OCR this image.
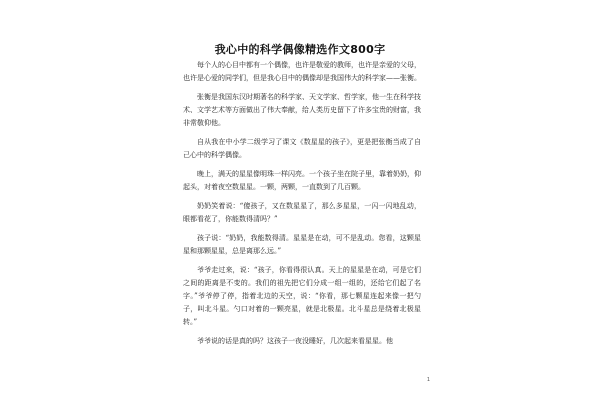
我心中的科学偶像精选作文800字

每个人的心目中都有一个偶像，也许是敬爱的教师，也许是亲爱的父母，也许是心爱的同学们，但是我心目中的偶像却是我国伟大的科学家——张衡。

张衡是我国东汉时期著名的科学家、天文学家、哲学家，他一生在科学技术、文学艺术等方面做出了伟大奉献，给人类历史留下了许多宝贵的财富，我非常敬仰他。

自从我在中小学二级学习了课文《数星星的孩子》，更是把张衡当成了自己心中的科学偶像。

晚上，满天的星星像明珠一样闪亮。一个孩子坐在院子里，靠着奶奶，仰起头，对着夜空数星星。一颗，两颗，一直数到了几百颗。

奶奶笑着说：“傻孩子，又在数星星了，那么多星星，一闪一闪地乱动，眼都看花了，你能数得清吗？”

孩子说：“奶奶，我能数得清。星星是在动，可不是乱动。您看，这颗星星和那颗星星，总是离那么远。”

爷爷走过来，说：“孩子，你看得很认真。天上的星星是在动，可是它们之间的距离是不变的。我们的祖先把它们分成一组一组的，还给它们起了名字。”爷爷停了停，指着北边的天空，说：“你看，那七颗星连起来像一把勺子，叫北斗星。勺口对着的一颗亮星，就是北极星。北斗星总是绕着北极星转。”

爷爷说的话是真的吗？这孩子一夜没睡好，几次起来看星星。他

1
